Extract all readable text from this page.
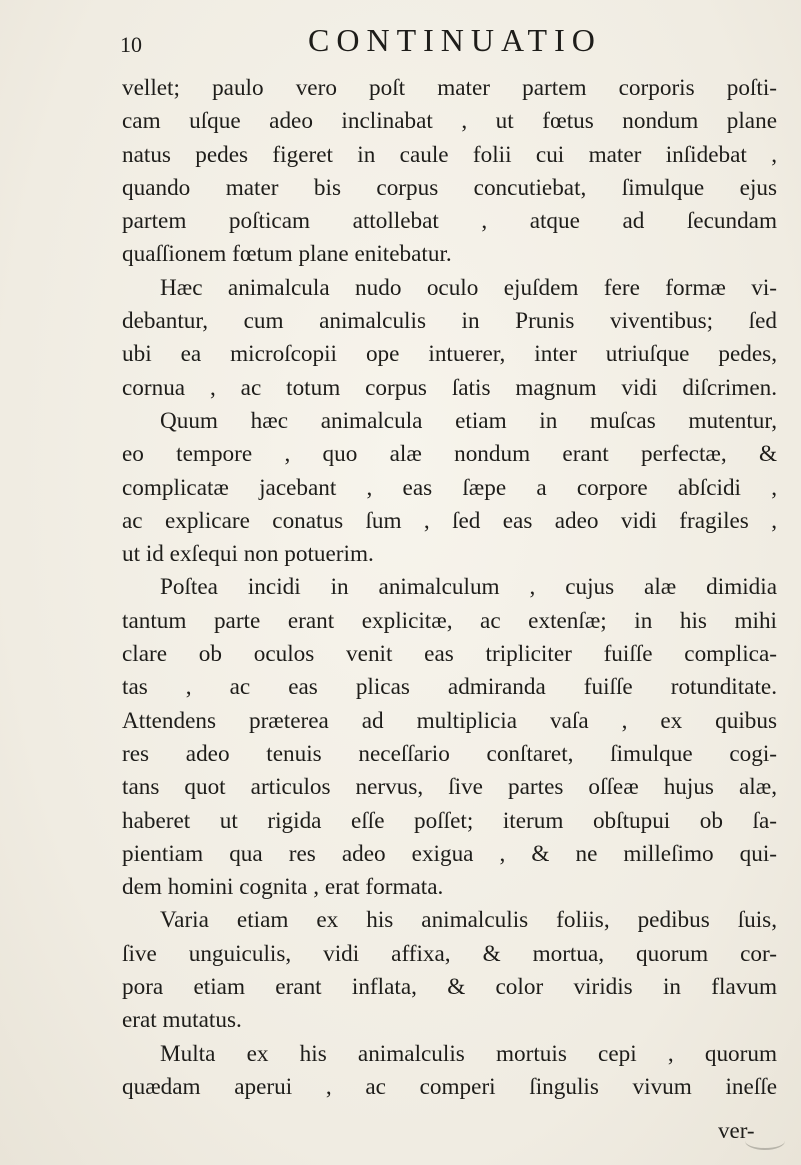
10	CONTINUATIO
vellet; paulo vero poſt mater partem corporis poſti-
cam uſque adeo inclinabat , ut fœtus nondum plane
natus pedes figeret in caule folii cui mater inſidebat ,
quando mater bis corpus concutiebat, ſimulque ejus
partem poſticam attollebat , atque ad ſecundam
quaſſionem fœtum plane enitebatur.
Hæc animalcula nudo oculo ejuſdem fere formæ vi-
debantur, cum animalculis in Prunis viventibus; ſed
ubi ea microſcopii ope intuerer, inter utriuſque pedes,
cornua , ac totum corpus ſatis magnum vidi diſcrimen.
Quum hæc animalcula etiam in muſcas mutentur,
eo tempore , quo alæ nondum erant perfectæ, &
complicatæ jacebant , eas ſæpe a corpore abſcidi ,
ac explicare conatus ſum , ſed eas adeo vidi fragiles ,
ut id exſequi non potuerim.
Poſtea incidi in animalculum , cujus alæ dimidia
tantum parte erant explicitæ, ac extenſæ; in his mihi
clare ob oculos venit eas tripliciter fuiſſe complica-
tas , ac eas plicas admiranda fuiſſe rotunditate.
Attendens præterea ad multiplicia vaſa , ex quibus
res adeo tenuis neceſſario conſtaret, ſimulque cogi-
tans quot articulos nervus, ſive partes oſſeæ hujus alæ,
haberet ut rigida eſſe poſſet; iterum obſtupui ob ſa-
pientiam qua res adeo exigua , & ne milleſimo qui-
dem homini cognita , erat formata.
Varia etiam ex his animalculis foliis, pedibus ſuis,
ſive unguiculis, vidi affixa, & mortua, quorum cor-
pora etiam erant inflata, & color viridis in flavum
erat mutatus.
Multa ex his animalculis mortuis cepi , quorum
quædam aperui , ac comperi ſingulis vivum ineſſe
ver-
